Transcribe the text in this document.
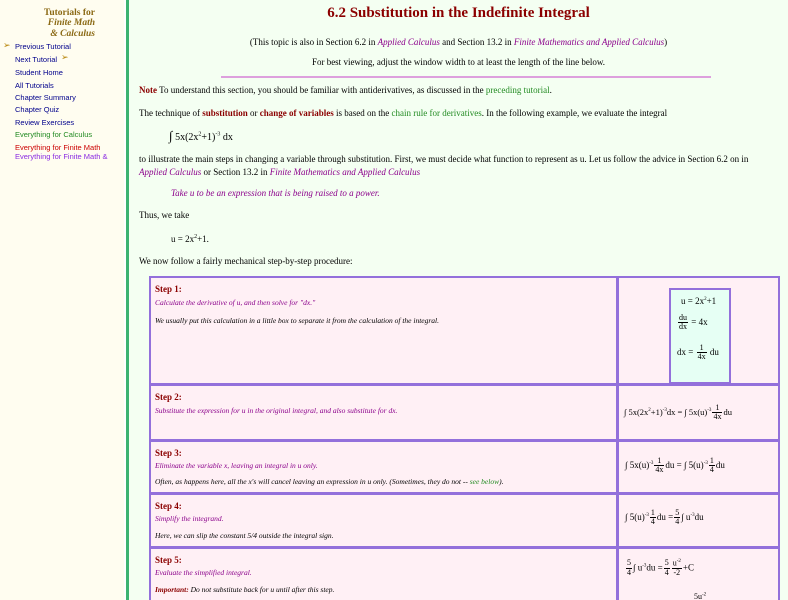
Tutorials for
Finite Math
& Calculus
➢ Previous Tutorial
Next Tutorial ➢
Student Home
All Tutorials
Chapter Summary
Chapter Quiz
Review Exercises
Everything for Calculus
Everything for Finite Math
Everything for Finite Math &
6.2 Substitution in the Indefinite Integral
(This topic is also in Section 6.2 in Applied Calculus and Section 13.2 in Finite Mathematics and Applied Calculus)
For best viewing, adjust the window width to at least the length of the line below.
Note To understand this section, you should be familiar with antiderivatives, as discussed in the preceding tutorial.
The technique of substitution or change of variables is based on the chain rule for derivatives. In the following example, we evaluate the integral
∫ $5x(2x^2+1)^{-3}$ dx
to illustrate the main steps in changing a variable through substitution. First, we must decide what function to represent as u. Let us follow the advice in Section 6.2 on in
Applied Calculus or Section 13.2 in Finite Mathematics and Applied Calculus
Take u to be an expression that is being raised to a power.
Thus, we take
$u = 2x^2+1$.
We now follow a fairly mechanical step-by-step procedure:
Step 1:
Calculate the derivative of u, and then solve for "dx."
We usually put this calculation in a little box to separate it from the calculation of the integral.
$u = 2x^2+1$
$\frac{du}{dx} = 4x$
dx = $\frac{1}{4x}$ du
Step 2:
Substitute the expression for u in the original integral, and also substitute for dx.	∫ $5x(2x^2+1)^{-3}dx$ = ∫ $5x(u)^{-3} \frac{1}{4x}$ du
Step 3:
Eliminate the variable x, leaving an integral in u only.
Often, as happens here, all the x's will cancel leaving an expression in u only. (Sometimes, they do not -- see below).
∫ $5x(u)^{-3} \frac{1}{4x}$ du = ∫ $5(u)^{-3} \frac{1}{4}$ du
Step 4:
Simplify the integrand.
Here, we can slip the constant 5/4 outside the integral sign.
∫ $5(u)^{-3} \frac{1}{4}$ du = $\frac{5}{4}$ ∫ $u^{-3}du$
Step 5:
Evaluate the simplified integral.
Important: Do not substitute back for u until after this step.
$\frac{5}{4}$ ∫ $u^{-3}du = \frac{5}{4} \frac{u^{-2}}{-2} +C$
$5u^{-2}$
